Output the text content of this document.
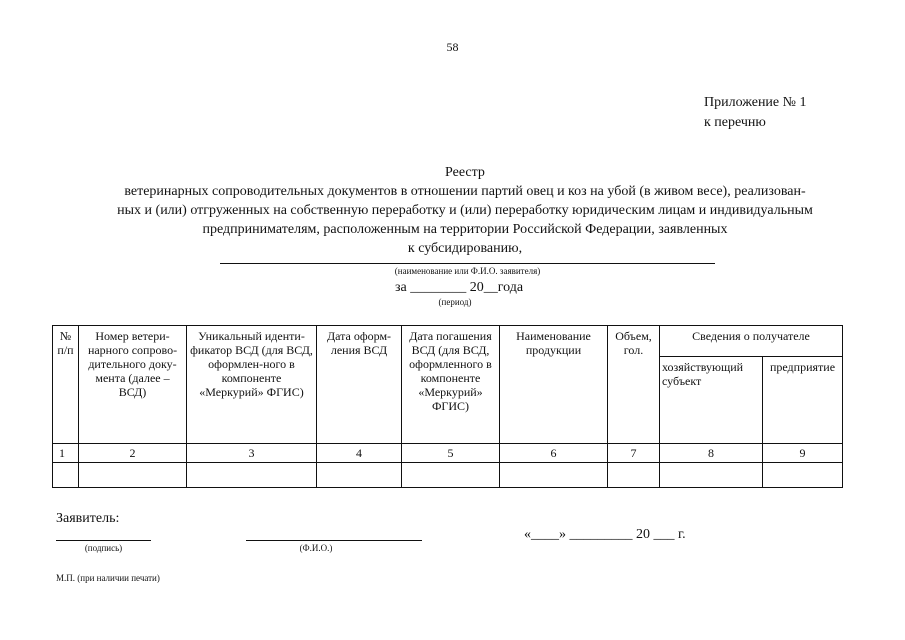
58
Приложение № 1
к перечню
Реестр
ветеринарных сопроводительных документов в отношении партий овец и коз на убой (в живом весе), реализован-
ных и (или) отгруженных на собственную переработку и (или) переработку юридическим лицам и индивидуальным
предпринимателям, расположенным на территории Российской Федерации, заявленных
к субсидированию,
(наименование или Ф.И.О. заявителя)
за ________ 20__года
(период)
№ п/п	Номер ветери-нарного сопрово-дительного доку-мента (далее – ВСД)	Уникальный иденти-фикатор ВСД (для ВСД, оформлен-ного в компоненте «Меркурий» ФГИС)	Дата оформ-ления ВСД	Дата погашения ВСД (для ВСД, оформленного в компоненте «Меркурий» ФГИС)	Наименование продукции	Объем, гол.	Сведения о получателе	
							хозяйствующий субъект	предприятие
1	2	3	4	5	6	7	8	9

Заявитель:
(подпись)	(Ф.И.О.)
«____» _________ 20 ___ г.
М.П. (при наличии печати)
